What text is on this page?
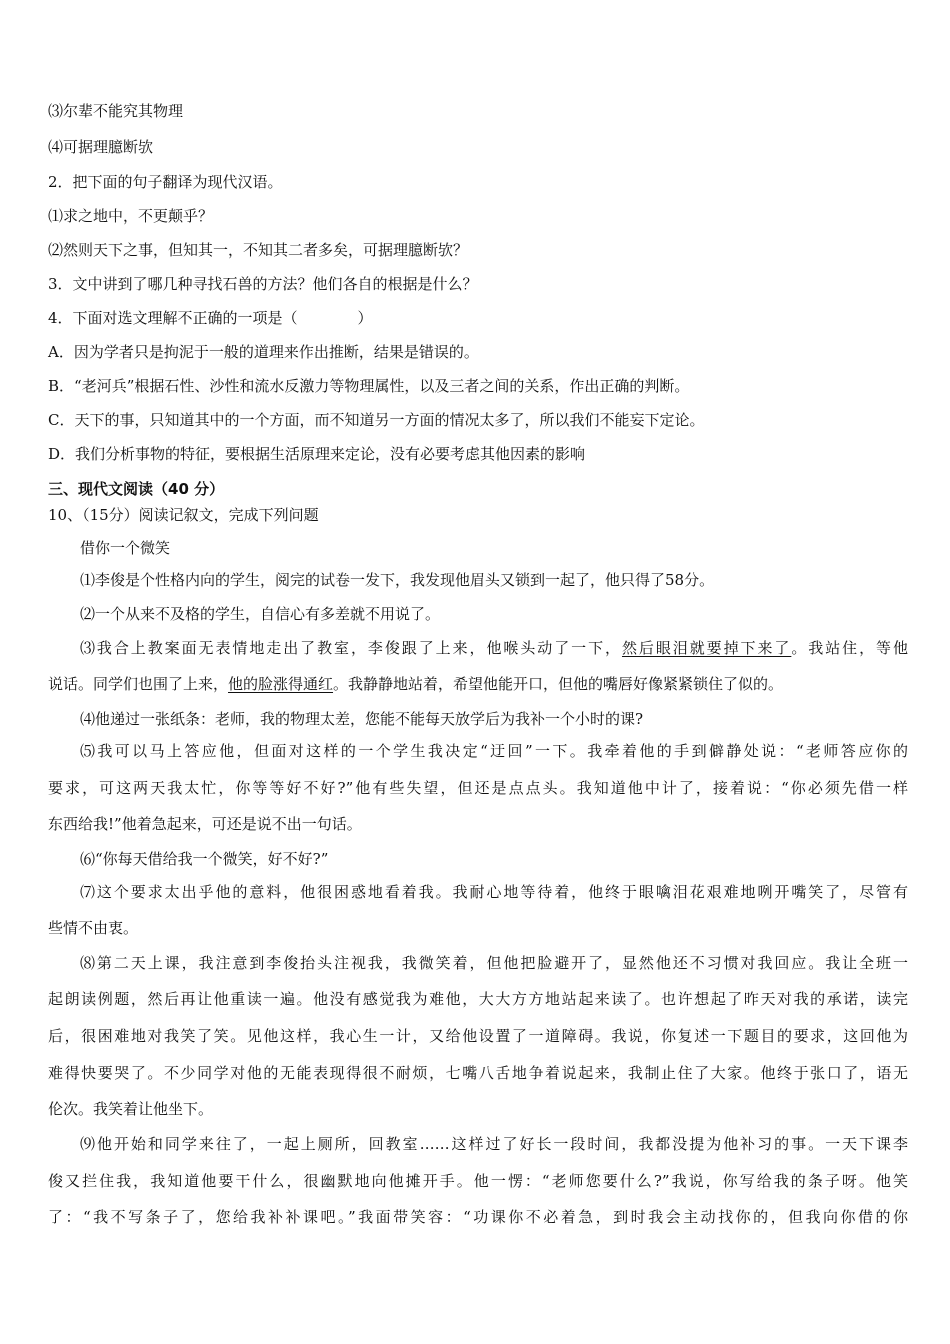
⑶尔辈不能究其物理
⑷可据理臆断欤
2．把下面的句子翻译为现代汉语。
⑴求之地中，不更颠乎？
⑵然则天下之事，但知其一，不知其二者多矣，可据理臆断欤？
3．文中讲到了哪几种寻找石兽的方法？他们各自的根据是什么？
4．下面对选文理解不正确的一项是（　　　　）
A．因为学者只是拘泥于一般的道理来作出推断，结果是错误的。
B．“老河兵”根据石性、沙性和流水反激力等物理属性，以及三者之间的关系，作出正确的判断。
C．天下的事，只知道其中的一个方面，而不知道另一方面的情况太多了，所以我们不能妄下定论。
D．我们分析事物的特征，要根据生活原理来定论，没有必要考虑其他因素的影响
三、现代文阅读（40 分）
10、（15分）阅读记叙文，完成下列问题
借你一个微笑
⑴李俊是个性格内向的学生，阅完的试卷一发下，我发现他眉头又锁到一起了，他只得了58分。
⑵一个从来不及格的学生，自信心有多差就不用说了。
⑶我合上教案面无表情地走出了教室，李俊跟了上来，他喉头动了一下，然后眼泪就要掉下来了。我站住，等他
说话。同学们也围了上来，他的脸涨得通红。我静静地站着，希望他能开口，但他的嘴唇好像紧紧锁住了似的。
⑷他递过一张纸条：老师，我的物理太差，您能不能每天放学后为我补一个小时的课?
⑸我可以马上答应他，但面对这样的一个学生我决定“迂回”一下。我牵着他的手到僻静处说：“老师答应你的
要求，可这两天我太忙，你等等好不好?”他有些失望，但还是点点头。我知道他中计了，接着说：“你必须先借一样
东西给我!”他着急起来，可还是说不出一句话。
⑹“你每天借给我一个微笑，好不好?”
⑺这个要求太出乎他的意料，他很困惑地看着我。我耐心地等待着，他终于眼噙泪花艰难地咧开嘴笑了，尽管有
些情不由衷。
⑻第二天上课，我注意到李俊抬头注视我，我微笑着，但他把脸避开了，显然他还不习惯对我回应。我让全班一
起朗读例题，然后再让他重读一遍。他没有感觉我为难他，大大方方地站起来读了。也许想起了昨天对我的承诺，读完
后，很困难地对我笑了笑。见他这样，我心生一计，又给他设置了一道障碍。我说，你复述一下题目的要求，这回他为
难得快要哭了。不少同学对他的无能表现得很不耐烦，七嘴八舌地争着说起来，我制止住了大家。他终于张口了，语无
伦次。我笑着让他坐下。
⑼他开始和同学来往了，一起上厕所，回教室……这样过了好长一段时间，我都没提为他补习的事。一天下课李
俊又拦住我，我知道他要干什么，很幽默地向他摊开手。他一愣：“老师您要什么?”我说，你写给我的条子呀。他笑
了：“我不写条子了，您给我补补课吧。”我面带笑容：“功课你不必着急，到时我会主动找你的，但我向你借的你
